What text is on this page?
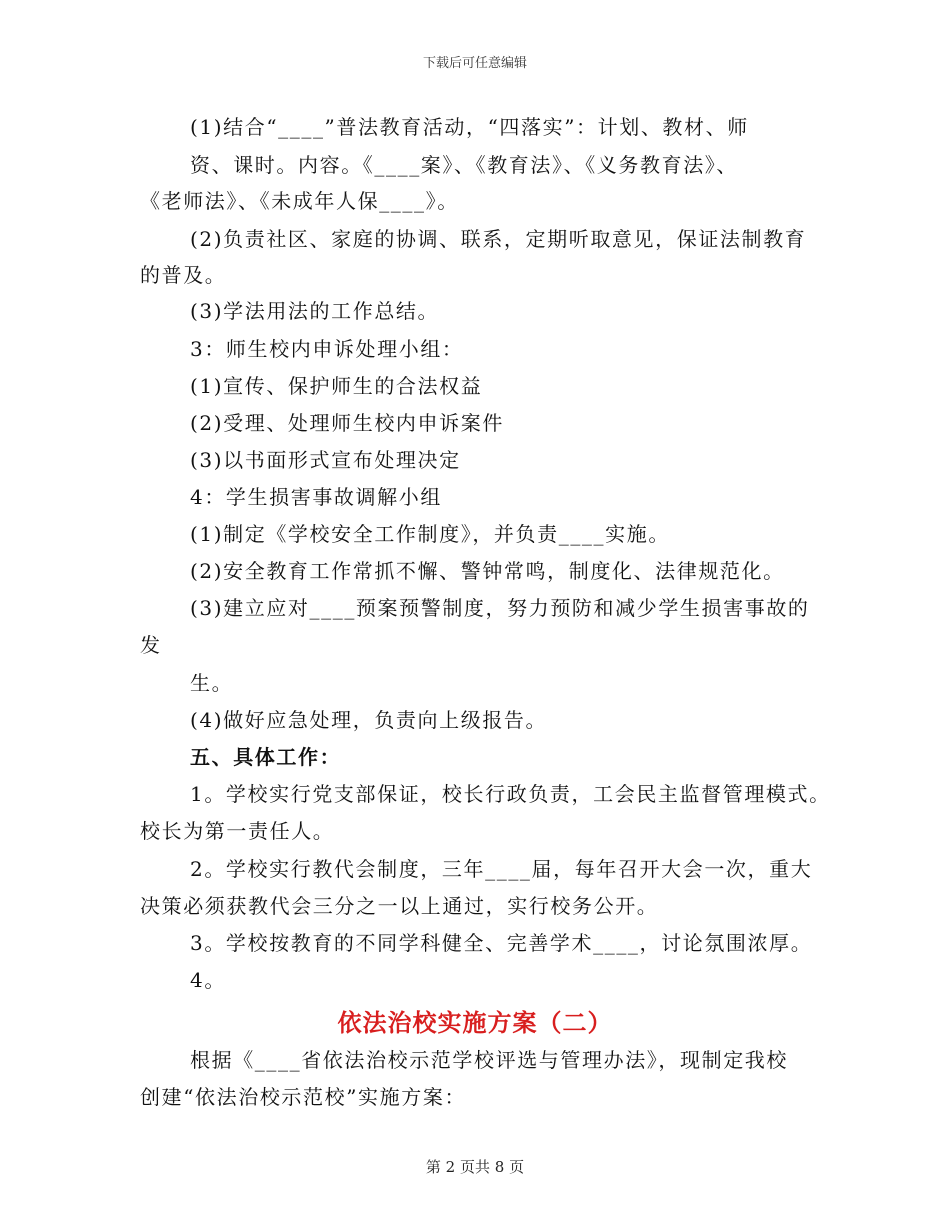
下载后可任意编辑
(1)结合“____”普法教育活动，“四落实”：计划、教材、师
资、课时。内容。《____案》、《教育法》、《义务教育法》、
《老师法》、《未成年人保____》。
(2)负责社区、家庭的协调、联系，定期听取意见，保证法制教育
的普及。
(3)学法用法的工作总结。
3：师生校内申诉处理小组：
(1)宣传、保护师生的合法权益
(2)受理、处理师生校内申诉案件
(3)以书面形式宣布处理决定
4：学生损害事故调解小组
(1)制定《学校安全工作制度》，并负责____实施。
(2)安全教育工作常抓不懈、警钟常鸣，制度化、法律规范化。
(3)建立应对____预案预警制度，努力预防和减少学生损害事故的
发
生。
(4)做好应急处理，负责向上级报告。
五、具体工作：
1。学校实行党支部保证，校长行政负责，工会民主监督管理模式。
校长为第一责任人。
2。学校实行教代会制度，三年____届，每年召开大会一次，重大
决策必须获教代会三分之一以上通过，实行校务公开。
3。学校按教育的不同学科健全、完善学术____，讨论氛围浓厚。
4。
依法治校实施方案（二）
根据《____省依法治校示范学校评选与管理办法》，现制定我校
创建“依法治校示范校”实施方案：
第 2 页共 8 页
